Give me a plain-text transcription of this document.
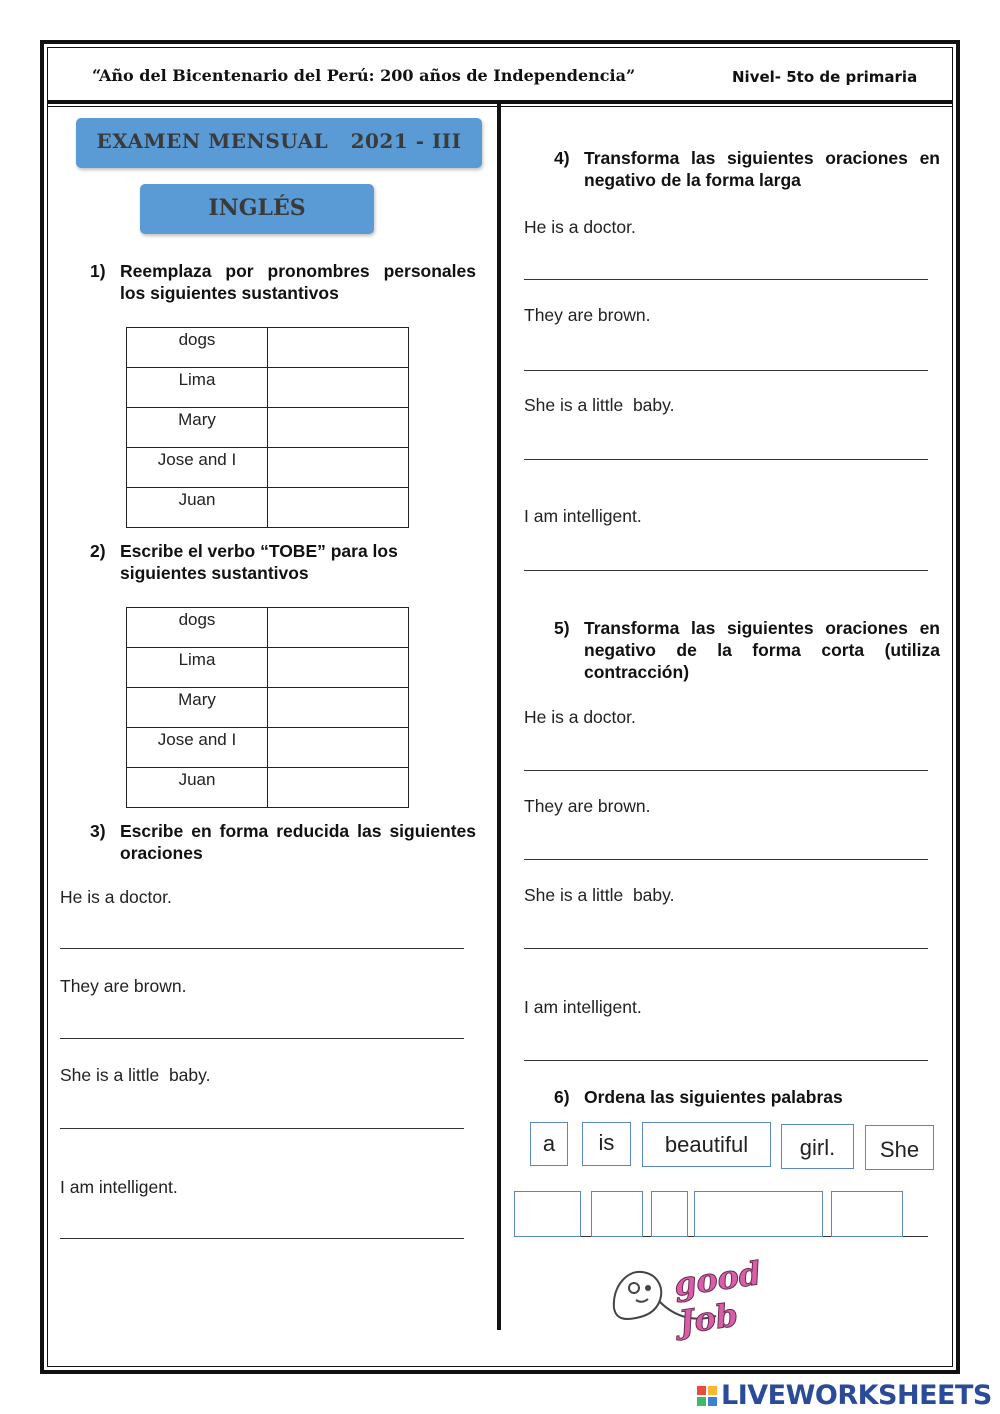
“Año del Bicentenario del Perú: 200 años de Independencia”	Nivel- 5to de primaria
EXAMEN MENSUAL   2021 - III
INGLÉS
1) Reemplaza por pronombres personales los siguientes sustantivos
dogs	
Lima	
Mary	
Jose and I	
Juan	
2) Escribe el verbo “TOBE” para los siguientes sustantivos
dogs	
Lima	
Mary	
Jose and I	
Juan	
3) Escribe en forma reducida las siguientes oraciones
He is a doctor.
They are brown.
She is a little  baby.
I am intelligent.
4) Transforma las siguientes oraciones en negativo de la forma larga
He is a doctor.
They are brown.
She is a little  baby.
I am intelligent.
5) Transforma las siguientes oraciones en negativo de la forma corta (utiliza contracción)
He is a doctor.
They are brown.
She is a little  baby.
I am intelligent.
6) Ordena las siguientes palabras
a	is	beautiful	girl.	She
good Job
LIVEWORKSHEETS
